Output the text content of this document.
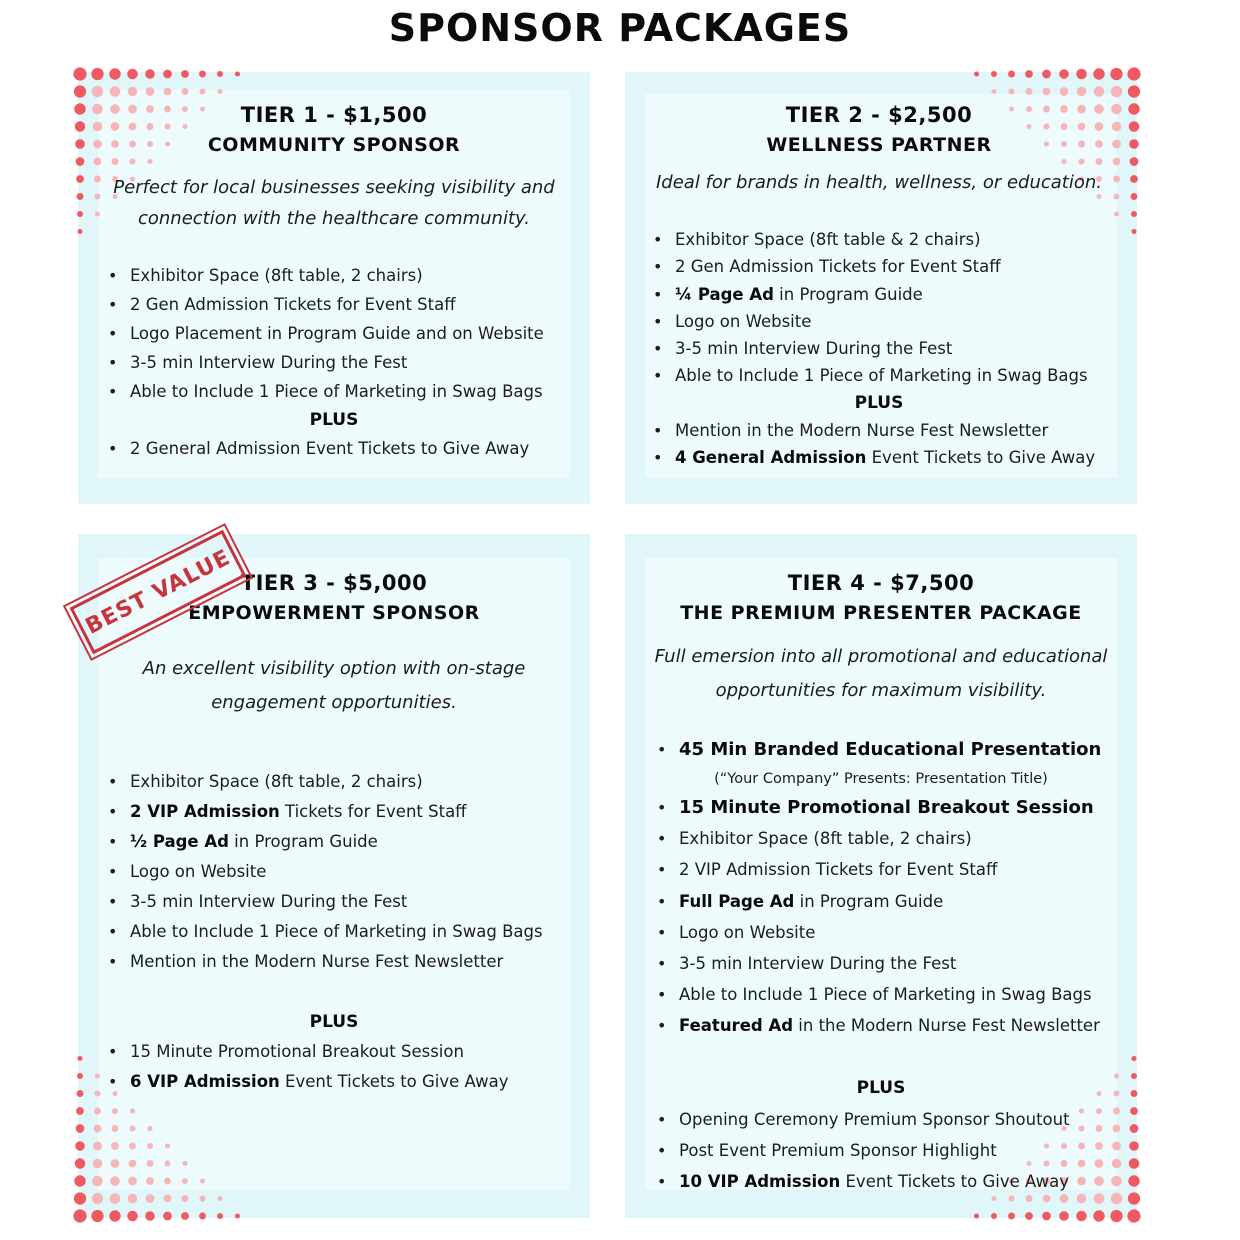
SPONSOR PACKAGES
TIER 1 - $1,500
COMMUNITY SPONSOR
Perfect for local businesses seeking visibility and
connection with the healthcare community.
• Exhibitor Space (8ft table, 2 chairs)
• 2 Gen Admission Tickets for Event Staff
• Logo Placement in Program Guide and on Website
• 3-5 min Interview During the Fest
• Able to Include 1 Piece of Marketing in Swag Bags
PLUS
• 2 General Admission Event Tickets to Give Away
TIER 2 - $2,500
WELLNESS PARTNER
Ideal for brands in health, wellness, or education.
• Exhibitor Space (8ft table & 2 chairs)
• 2 Gen Admission Tickets for Event Staff
• ¼ Page Ad in Program Guide
• Logo on Website
• 3-5 min Interview During the Fest
• Able to Include 1 Piece of Marketing in Swag Bags
PLUS
• Mention in the Modern Nurse Fest Newsletter
• 4 General Admission Event Tickets to Give Away
TIER 3 - $5,000
EMPOWERMENT SPONSOR
An excellent visibility option with on-stage
engagement opportunities.
• Exhibitor Space (8ft table, 2 chairs)
• 2 VIP Admission Tickets for Event Staff
• ½ Page Ad in Program Guide
• Logo on Website
• 3-5 min Interview During the Fest
• Able to Include 1 Piece of Marketing in Swag Bags
• Mention in the Modern Nurse Fest Newsletter
PLUS
• 15 Minute Promotional Breakout Session
• 6 VIP Admission Event Tickets to Give Away
BEST VALUE	TIER 4 - $7,500
THE PREMIUM PRESENTER PACKAGE
Full emersion into all promotional and educational
opportunities for maximum visibility.
• 45 Min Branded Educational Presentation
(“Your Company” Presents: Presentation Title)
• 15 Minute Promotional Breakout Session
• Exhibitor Space (8ft table, 2 chairs)
• 2 VIP Admission Tickets for Event Staff
• Full Page Ad in Program Guide
• Logo on Website
• 3-5 min Interview During the Fest
• Able to Include 1 Piece of Marketing in Swag Bags
• Featured Ad in the Modern Nurse Fest Newsletter
PLUS
• Opening Ceremony Premium Sponsor Shoutout
• Post Event Premium Sponsor Highlight
• 10 VIP Admission Event Tickets to Give Away
